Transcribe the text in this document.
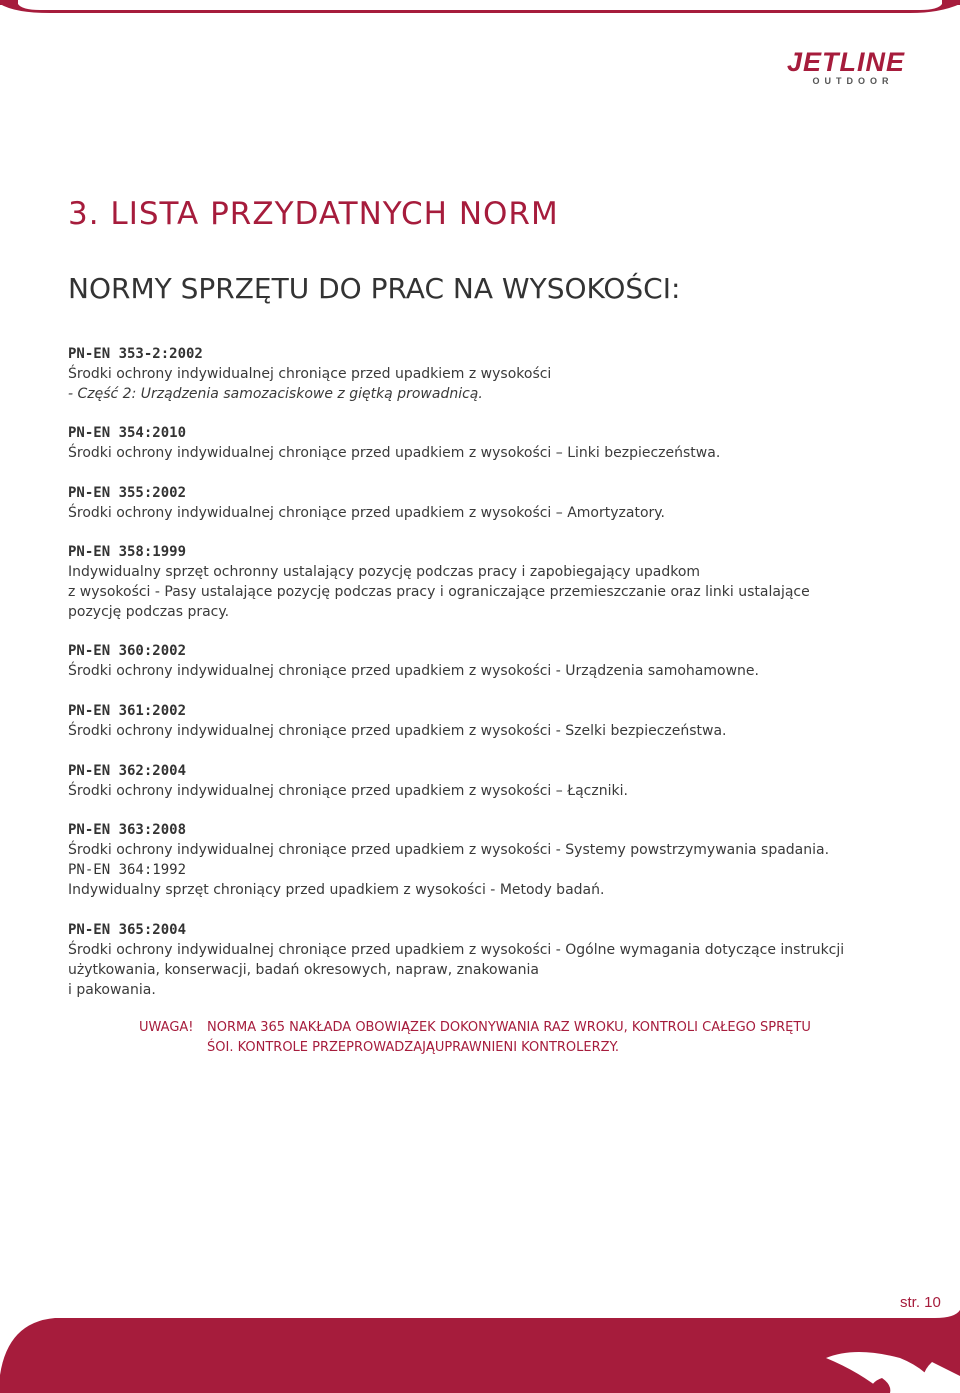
JETLINE
OUTDOOR
3. LISTA PRZYDATNYCH NORM
NORMY SPRZĘTU DO PRAC NA WYSOKOŚCI:
PN-EN 353-2:2002
Środki ochrony indywidualnej chroniące przed upadkiem z wysokości
- Część 2: Urządzenia samozaciskowe z giętką prowadnicą.
PN-EN 354:2010
Środki ochrony indywidualnej chroniące przed upadkiem z wysokości – Linki bezpieczeństwa.
PN-EN 355:2002
Środki ochrony indywidualnej chroniące przed upadkiem z wysokości – Amortyzatory.
PN-EN 358:1999
Indywidualny sprzęt ochronny ustalający pozycję podczas pracy i zapobiegający upadkom
z wysokości - Pasy ustalające pozycję podczas pracy i ograniczające przemieszczanie oraz linki ustalające
pozycję podczas pracy.
PN-EN 360:2002
Środki ochrony indywidualnej chroniące przed upadkiem z wysokości - Urządzenia samohamowne.
PN-EN 361:2002
Środki ochrony indywidualnej chroniące przed upadkiem z wysokości - Szelki bezpieczeństwa.
PN-EN 362:2004
Środki ochrony indywidualnej chroniące przed upadkiem z wysokości – Łączniki.
PN-EN 363:2008
Środki ochrony indywidualnej chroniące przed upadkiem z wysokości - Systemy powstrzymywania spadania.
PN-EN 364:1992
Indywidualny sprzęt chroniący przed upadkiem z wysokości - Metody badań.
PN-EN 365:2004
Środki ochrony indywidualnej chroniące przed upadkiem z wysokości - Ogólne wymagania dotyczące instrukcji
użytkowania, konserwacji, badań okresowych, napraw, znakowania
i pakowania.
UWAGA! NORMA 365 NAKŁADA OBOWIĄZEK DOKONYWANIA RAZ WROKU, KONTROLI CAŁEGO SPRĘTU
ŚOI. KONTROLE PRZEPROWADZAJĄUPRAWNIENI KONTROLERZY.
str. 10
